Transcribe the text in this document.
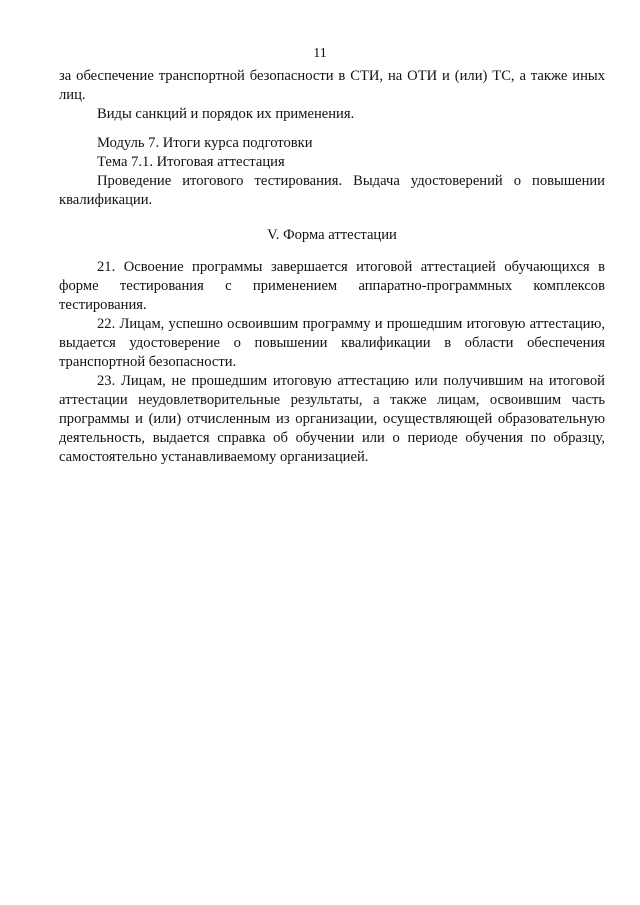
11

за обеспечение транспортной безопасности в СТИ, на ОТИ и (или) ТС, а также иных лиц.

Виды санкций и порядок их применения.

Модуль 7. Итоги курса подготовки

Тема 7.1. Итоговая аттестация

Проведение итогового тестирования. Выдача удостоверений о повышении квалификации.

V. Форма аттестации

21. Освоение программы завершается итоговой аттестацией обучающихся в форме тестирования с применением аппаратно-программных комплексов тестирования.

22. Лицам, успешно освоившим программу и прошедшим итоговую аттестацию, выдается удостоверение о повышении квалификации в области обеспечения транспортной безопасности.

23. Лицам, не прошедшим итоговую аттестацию или получившим на итоговой аттестации неудовлетворительные результаты, а также лицам, освоившим часть программы и (или) отчисленным из организации, осуществляющей образовательную деятельность, выдается справка об обучении или о периоде обучения по образцу, самостоятельно устанавливаемому организацией.
